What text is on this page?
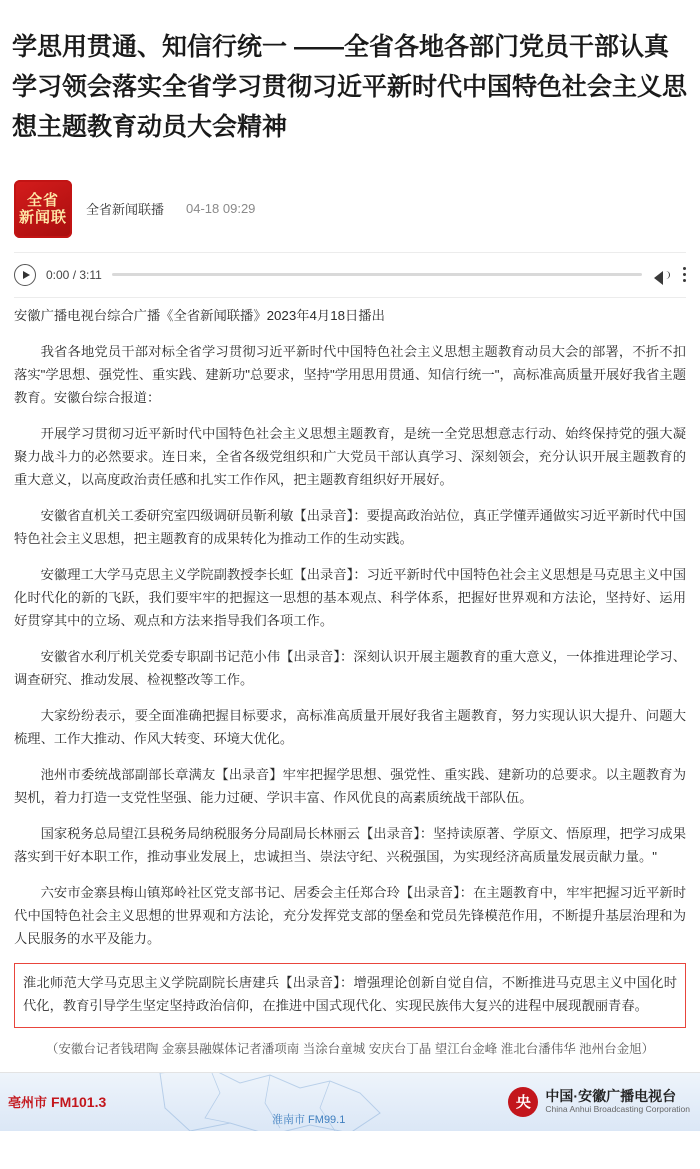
学思用贯通、知信行统一 ——全省各地各部门党员干部认真学习领会落实全省学习贯彻习近平新时代中国特色社会主义思想主题教育动员大会精神
全省
新闻联 全省新闻联播 04-18 09:29
0:00 / 3:11

安徽广播电视台综合广播《全省新闻联播》2023年4月18日播出

我省各地党员干部对标全省学习贯彻习近平新时代中国特色社会主义思想主题教育动员大会的部署，不折不扣落实"学思想、强党性、重实践、建新功"总要求，坚持"学用思用贯通、知信行统一"，高标准高质量开展好我省主题教育。安徽台综合报道：

开展学习贯彻习近平新时代中国特色社会主义思想主题教育，是统一全党思想意志行动、始终保持党的强大凝聚力战斗力的必然要求。连日来，全省各级党组织和广大党员干部认真学习、深刻领会，充分认识开展主题教育的重大意义，以高度政治责任感和扎实工作作风，把主题教育组织好开展好。

安徽省直机关工委研究室四级调研员靳利敏【出录音】：要提高政治站位，真正学懂弄通做实习近平新时代中国特色社会主义思想，把主题教育的成果转化为推动工作的生动实践。

安徽理工大学马克思主义学院副教授李长虹【出录音】：习近平新时代中国特色社会主义思想是马克思主义中国化时代化的新的飞跃，我们要牢牢的把握这一思想的基本观点、科学体系，把握好世界观和方法论，坚持好、运用好贯穿其中的立场、观点和方法来指导我们各项工作。

安徽省水利厅机关党委专职副书记范小伟【出录音】：深刻认识开展主题教育的重大意义，一体推进理论学习、调查研究、推动发展、检视整改等工作。

大家纷纷表示，要全面准确把握目标要求，高标准高质量开展好我省主题教育，努力实现认识大提升、问题大梳理、工作大推动、作风大转变、环境大优化。

池州市委统战部副部长章满友【出录音】牢牢把握学思想、强党性、重实践、建新功的总要求。以主题教育为契机，着力打造一支党性坚强、能力过硬、学识丰富、作风优良的高素质统战干部队伍。

国家税务总局望江县税务局纳税服务分局副局长林丽云【出录音】：坚持读原著、学原文、悟原理，把学习成果落实到干好本职工作，推动事业发展上，忠诚担当、崇法守纪、兴税强国，为实现经济高质量发展贡献力量。"

六安市金寨县梅山镇郑岭社区党支部书记、居委会主任郑合玲【出录音】：在主题教育中，牢牢把握习近平新时代中国特色社会主义思想的世界观和方法论，充分发挥党支部的堡垒和党员先锋模范作用，不断提升基层治理和为人民服务的水平及能力。

淮北师范大学马克思主义学院副院长唐建兵【出录音】：增强理论创新自觉自信，不断推进马克思主义中国化时代化，教育引导学生坚定坚持政治信仰，在推进中国式现代化、实现民族伟大复兴的进程中展现靓丽青春。

（安徽台记者钱珺陶 金寨县融媒体记者潘项南 当涂台童城 安庆台丁晶 望江台金峰 淮北台潘伟华 池州台金旭）
亳州市 FM101.3
淮南市 FM99.1
央	中国·安徽广播电视台
China Anhui Broadcasting Corporation
